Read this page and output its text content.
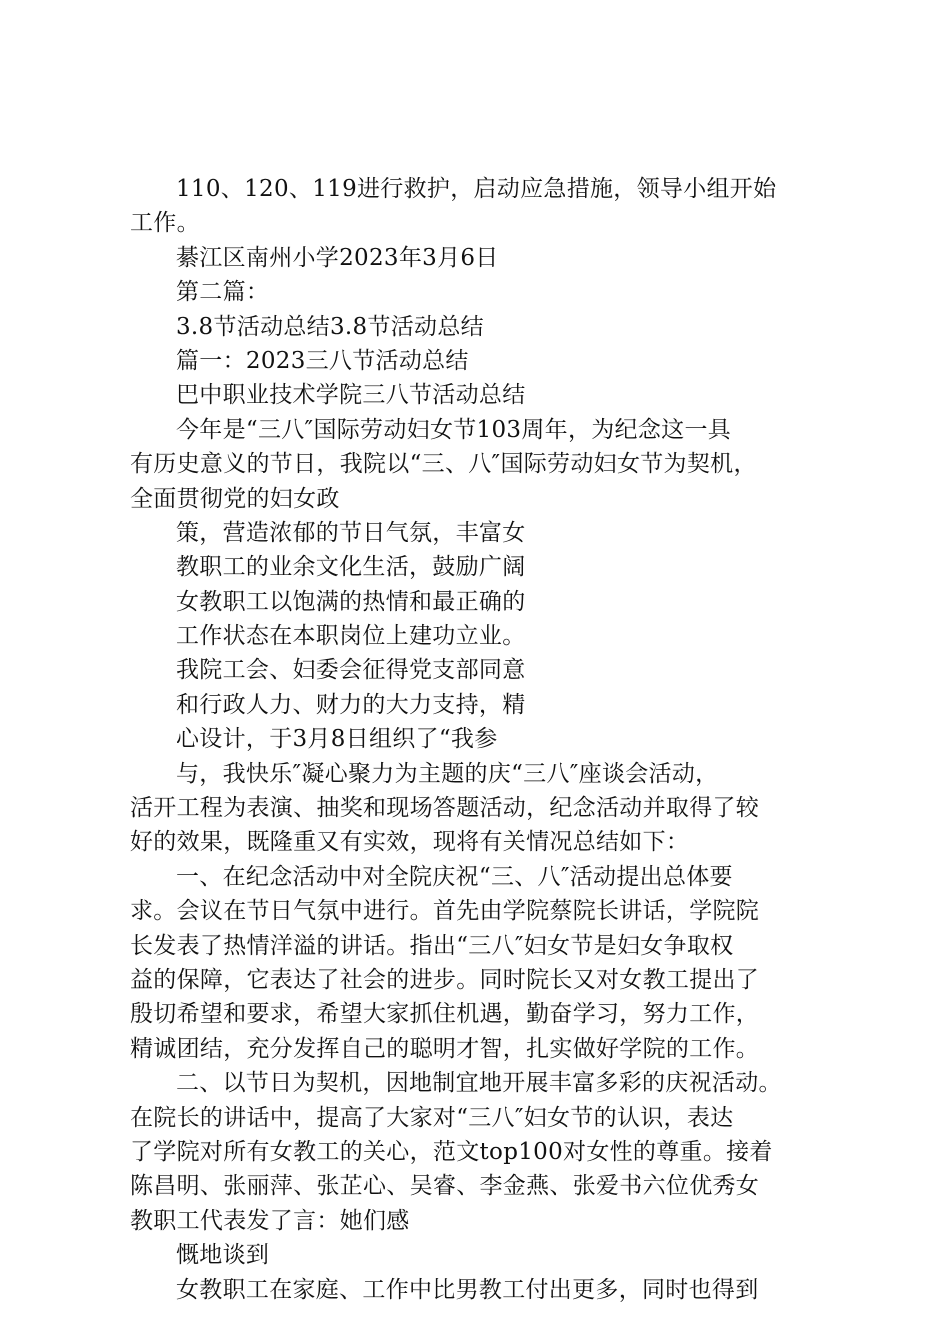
110、120、119进行救护，启动应急措施，领导小组开始
工作。
綦江区南州小学2023年3月6日
第二篇：
3.8节活动总结3.8节活动总结
篇一：2023三八节活动总结
巴中职业技术学院三八节活动总结
今年是“三八″国际劳动妇女节103周年，为纪念这一具
有历史意义的节日，我院以“三、八″国际劳动妇女节为契机，
全面贯彻党的妇女政
策，营造浓郁的节日气氛，丰富女
教职工的业余文化生活，鼓励广阔
女教职工以饱满的热情和最正确的
工作状态在本职岗位上建功立业。
我院工会、妇委会征得党支部同意
和行政人力、财力的大力支持，精
心设计，于3月8日组织了“我参
与，我快乐″凝心聚力为主题的庆“三八″座谈会活动，
活开工程为表演、抽奖和现场答题活动，纪念活动并取得了较
好的效果，既隆重又有实效，现将有关情况总结如下：
一、在纪念活动中对全院庆祝“三、八″活动提出总体要
求。会议在节日气氛中进行。首先由学院蔡院长讲话，学院院
长发表了热情洋溢的讲话。指出“三八″妇女节是妇女争取权
益的保障，它表达了社会的进步。同时院长又对女教工提出了
殷切希望和要求，希望大家抓住机遇，勤奋学习，努力工作，
精诚团结，充分发挥自己的聪明才智，扎实做好学院的工作。
二、以节日为契机，因地制宜地开展丰富多彩的庆祝活动。
在院长的讲话中，提高了大家对“三八″妇女节的认识，表达
了学院对所有女教工的关心，范文top100对女性的尊重。接着
陈昌明、张丽萍、张芷心、吴睿、李金燕、张爱书六位优秀女
教职工代表发了言：她们感
慨地谈到
女教职工在家庭、工作中比男教工付出更多，同时也得到
